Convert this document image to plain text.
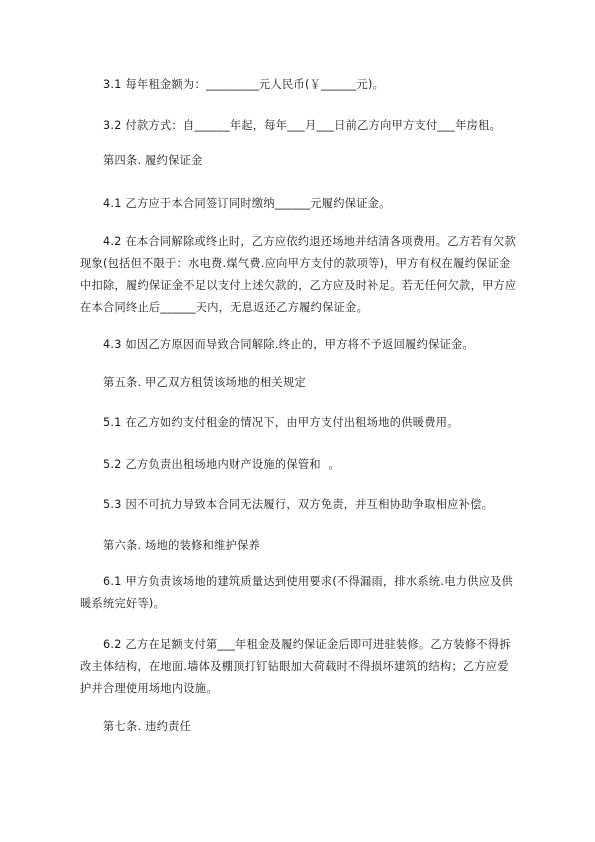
3.1 每年租金额为：_________元人民币(￥______元)。

3.2 付款方式：自______年起，每年___月___日前乙方向甲方支付___年房租。

第四条. 履约保证金

4.1 乙方应于本合同签订同时缴纳______元履约保证金。

4.2 在本合同解除或终止时，乙方应依约退还场地并结清各项费用。乙方若有欠款现象(包括但不限于：水电费.煤气费.应向甲方支付的款项等)，甲方有权在履约保证金中扣除，履约保证金不足以支付上述欠款的，乙方应及时补足。若无任何欠款，甲方应在本合同终止后______天内，无息返还乙方履约保证金。

4.3 如因乙方原因而导致合同解除.终止的，甲方将不予返回履约保证金。

第五条. 甲乙双方租赁该场地的相关规定

5.1 在乙方如约支付租金的情况下，由甲方支付出租场地的供暖费用。

5.2 乙方负责出租场地内财产设施的保管和  。

5.3 因不可抗力导致本合同无法履行，双方免责，并互相协助争取相应补偿。

第六条. 场地的装修和维护保养

6.1 甲方负责该场地的建筑质量达到使用要求(不得漏雨，排水系统.电力供应及供暖系统完好等)。

6.2 乙方在足额支付第___年租金及履约保证金后即可进驻装修。乙方装修不得拆改主体结构，在地面.墙体及棚顶打钉钻眼加大荷载时不得损坏建筑的结构；乙方应爱护并合理使用场地内设施。

第七条. 违约责任
